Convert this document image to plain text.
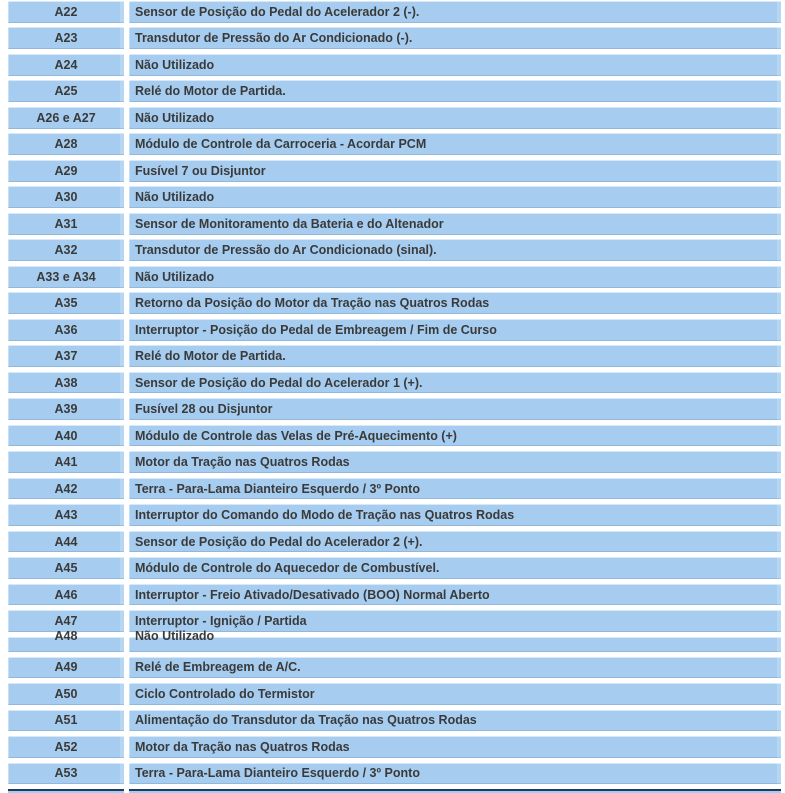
A22	Sensor de Posição do Pedal do Acelerador 2 (-).
A23	Transdutor de Pressão do Ar Condicionado (-).
A24	Não Utilizado
A25	Relé do Motor de Partida.
A26 e A27	Não Utilizado
A28	Módulo de Controle da Carroceria - Acordar PCM
A29	Fusível 7 ou Disjuntor
A30	Não Utilizado
A31	Sensor de Monitoramento da Bateria e do Altenador
A32	Transdutor de Pressão do Ar Condicionado (sinal).
A33 e A34	Não Utilizado
A35	Retorno da Posição do Motor da Tração nas Quatros Rodas
A36	Interruptor - Posição do Pedal de Embreagem / Fim de Curso
A37	Relé do Motor de Partida.
A38	Sensor de Posição do Pedal do Acelerador 1 (+).
A39	Fusível 28 ou Disjuntor
A40	Módulo de Controle das Velas de Pré-Aquecimento (+)
A41	Motor da Tração nas Quatros Rodas
A42	Terra - Para-Lama Dianteiro Esquerdo / 3º Ponto
A43	Interruptor do Comando do Modo de Tração nas Quatros Rodas
A44	Sensor de Posição do Pedal do Acelerador 2 (+).
A45	Módulo de Controle do Aquecedor de Combustível.
A46	Interruptor - Freio Ativado/Desativado (BOO) Normal Aberto
A47	Interruptor - Ignição / Partida
A48	Não Utilizado
A49	Relé de Embreagem de A/C.
A50	Ciclo Controlado do Termistor
A51	Alimentação do Transdutor da Tração nas Quatros Rodas
A52	Motor da Tração nas Quatros Rodas
A53	Terra - Para-Lama Dianteiro Esquerdo / 3º Ponto
